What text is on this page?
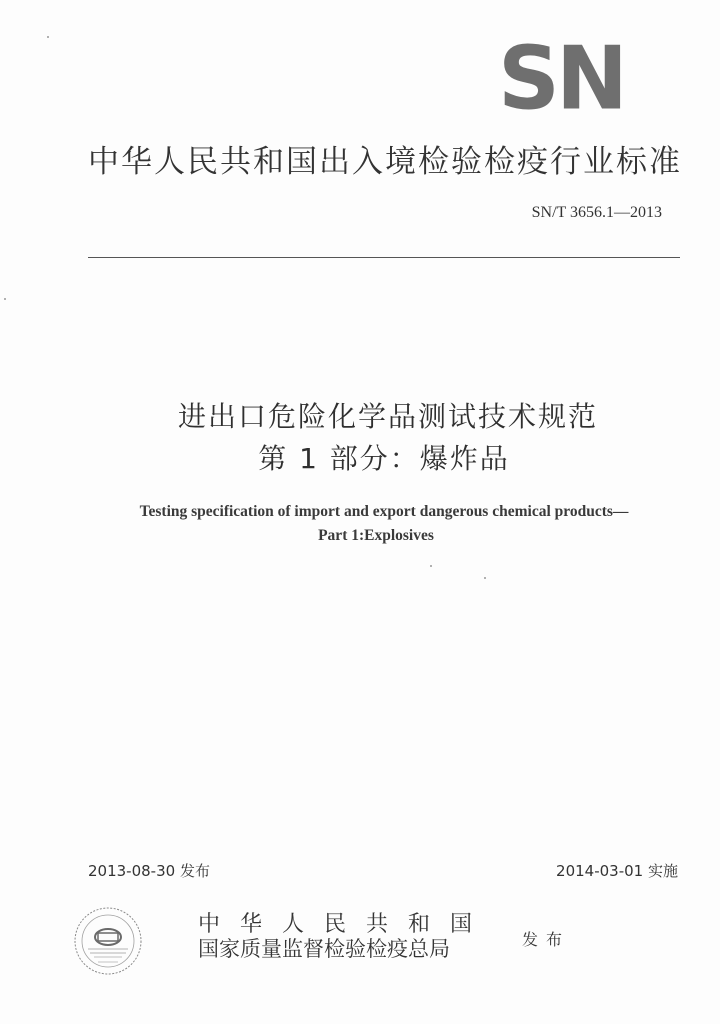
SN
中华人民共和国出入境检验检疫行业标准
SN/T 3656.1—2013
进出口危险化学品测试技术规范
第 1 部分：爆炸品
Testing specification of import and export dangerous chemical products—
Part 1:Explosives
2013-08-30 发布	2014-03-01 实施
中华人民共和国
国家质量监督检验检疫总局	发布
